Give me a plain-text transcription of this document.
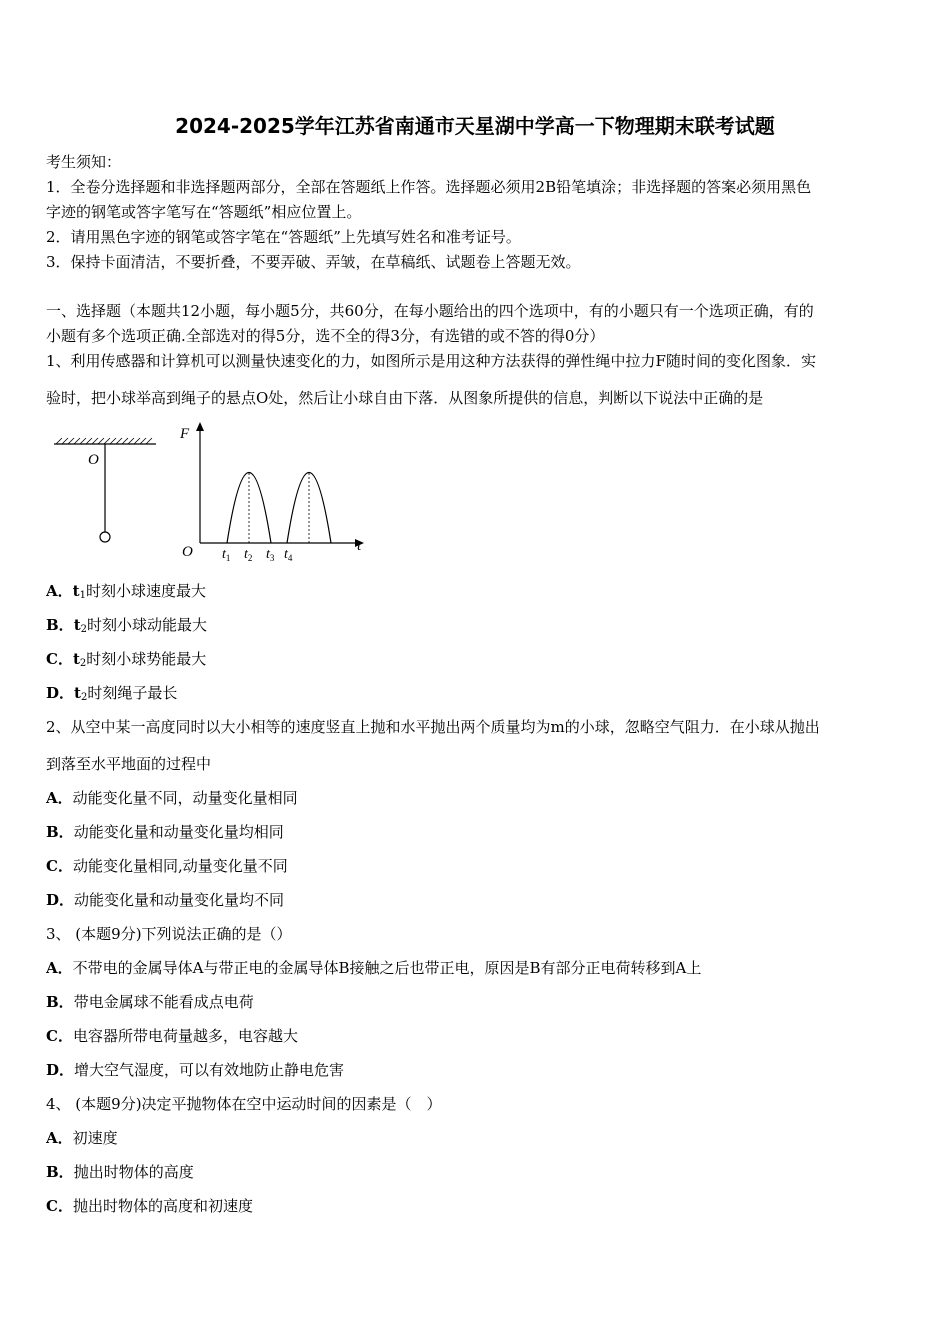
2024-2025学年江苏省南通市天星湖中学高一下物理期末联考试题
考生须知：
1．全卷分选择题和非选择题两部分，全部在答题纸上作答。选择题必须用2B铅笔填涂；非选择题的答案必须用黑色
字迹的钢笔或答字笔写在“答题纸”相应位置上。
2．请用黑色字迹的钢笔或答字笔在“答题纸”上先填写姓名和准考证号。
3．保持卡面清洁，不要折叠，不要弄破、弄皱，在草稿纸、试题卷上答题无效。
一、选择题（本题共12小题，每小题5分，共60分，在每小题给出的四个选项中，有的小题只有一个选项正确，有的
小题有多个选项正确.全部选对的得5分，选不全的得3分，有选错的或不答的得0分）
1、利用传感器和计算机可以测量快速变化的力，如图所示是用这种方法获得的弹性绳中拉力F随时间的变化图象．实
验时，把小球举高到绳子的悬点O处，然后让小球自由下落．从图象所提供的信息，判断以下说法中正确的是
O
F
t
O $t_1$ $t_2$ $t_3$ $t_4$
A．$t_1$时刻小球速度最大
B．$t_2$时刻小球动能最大
C．$t_2$时刻小球势能最大
D．$t_2$时刻绳子最长
2、从空中某一高度同时以大小相等的速度竖直上抛和水平抛出两个质量均为m的小球，忽略空气阻力．在小球从抛出
到落至水平地面的过程中
A．动能变化量不同，动量变化量相同
B．动能变化量和动量变化量均相同
C．动能变化量相同,动量变化量不同
D．动能变化量和动量变化量均不同
3、 (本题9分)下列说法正确的是（）
A．不带电的金属导体A与带正电的金属导体B接触之后也带正电，原因是B有部分正电荷转移到A上
B．带电金属球不能看成点电荷
C．电容器所带电荷量越多，电容越大
D．增大空气湿度，可以有效地防止静电危害
4、 (本题9分)决定平抛物体在空中运动时间的因素是（　）
A．初速度
B．抛出时物体的高度
C．抛出时物体的高度和初速度
